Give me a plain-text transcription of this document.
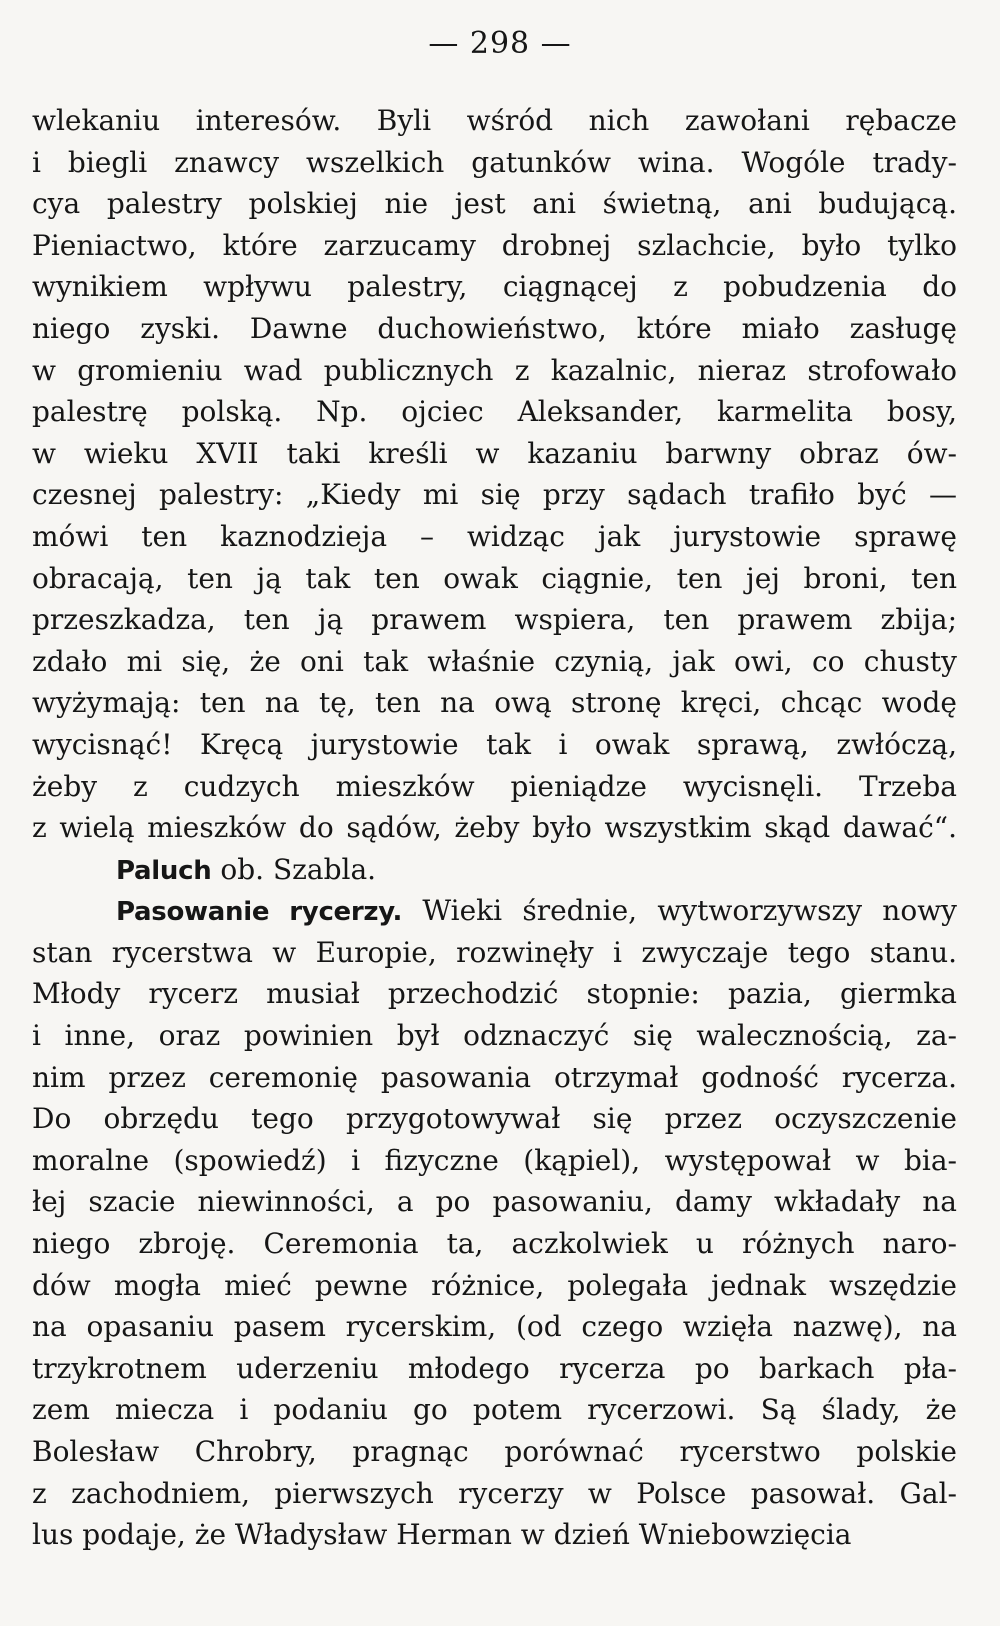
— 298 —
wlekaniu interesów. Byli wśród nich zawołani rębacze
i biegli znawcy wszelkich gatunków wina. Wogóle trady-
cya palestry polskiej nie jest ani świetną, ani budującą.
Pieniactwo, które zarzucamy drobnej szlachcie, było tylko
wynikiem wpływu palestry, ciągnącej z pobudzenia do
niego zyski. Dawne duchowieństwo, które miało zasługę
w gromieniu wad publicznych z kazalnic, nieraz strofowało
palestrę polską. Np. ojciec Aleksander, karmelita bosy,
w wieku XVII taki kreśli w kazaniu barwny obraz ów-
czesnej palestry: „Kiedy mi się przy sądach trafiło być —
mówi ten kaznodzieja – widząc jak jurystowie sprawę
obracają, ten ją tak ten owak ciągnie, ten jej broni, ten
przeszkadza, ten ją prawem wspiera, ten prawem zbija;
zdało mi się, że oni tak właśnie czynią, jak owi, co chusty
wyżymają: ten na tę, ten na ową stronę kręci, chcąc wodę
wycisnąć! Kręcą jurystowie tak i owak sprawą, zwłóczą,
żeby z cudzych mieszków pieniądze wycisnęli. Trzeba
z wielą mieszków do sądów, żeby było wszystkim skąd dawać“.
Paluch ob. Szabla.
Pasowanie rycerzy. Wieki średnie, wytworzywszy nowy
stan rycerstwa w Europie, rozwinęły i zwyczaje tego stanu.
Młody rycerz musiał przechodzić stopnie: pazia, giermka
i inne, oraz powinien był odznaczyć się walecznością, za-
nim przez ceremonię pasowania otrzymał godność rycerza.
Do obrzędu tego przygotowywał się przez oczyszczenie
moralne (spowiedź) i fizyczne (kąpiel), występował w bia-
łej szacie niewinności, a po pasowaniu, damy wkładały na
niego zbroję. Ceremonia ta, aczkolwiek u różnych naro-
dów mogła mieć pewne różnice, polegała jednak wszędzie
na opasaniu pasem rycerskim, (od czego wzięła nazwę), na
trzykrotnem uderzeniu młodego rycerza po barkach pła-
zem miecza i podaniu go potem rycerzowi. Są ślady, że
Bolesław Chrobry, pragnąc porównać rycerstwo polskie
z zachodniem, pierwszych rycerzy w Polsce pasował. Gal-
lus podaje, że Władysław Herman w dzień Wniebowzięcia
